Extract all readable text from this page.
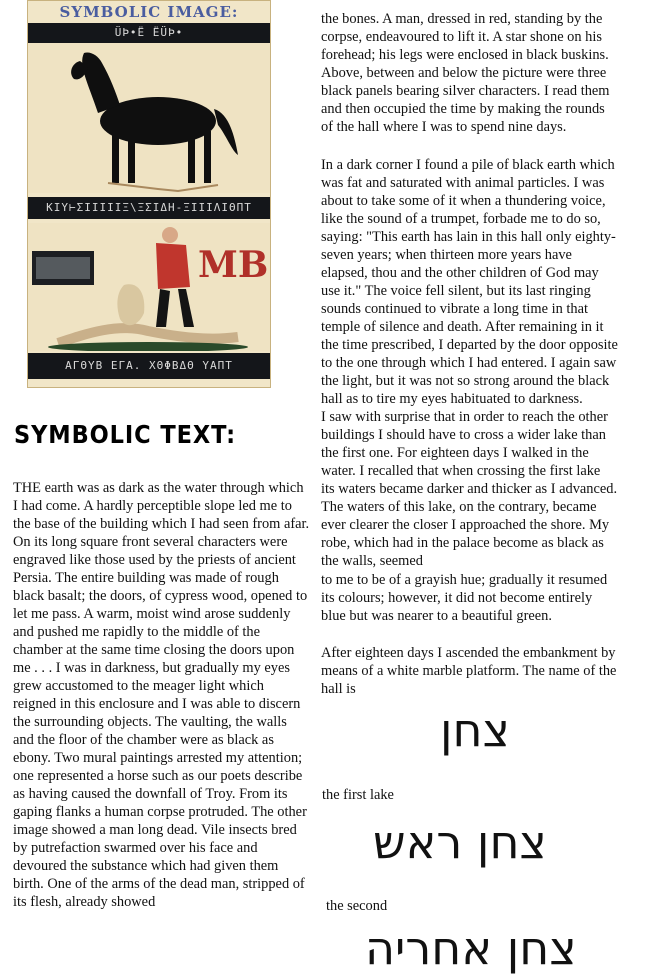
SYMBOLIC IMAGE:
ÜÞ•Ë ËÜÞ•
ΚΙΥ⊢ΣΙΙΙΙΙΞ\ΞΣΙΔΗ-ΞΙΙΙΛΙΘΠΤ
MB
ΑΓΘΥΒ ΕΓΑ. ΧΘΦΒΔΘ ΥΑΠΤ
SYMBOLIC TEXT:

THE earth was as dark as the water through which

I had come. A hardly perceptible slope led me to

the base of the building which I had seen from afar.

On its long square front several characters were

engraved like those used by the priests of ancient

Persia. The entire building was made of rough

black basalt; the doors, of cypress wood, opened to

let me pass. A warm, moist wind arose suddenly

and pushed me rapidly to the middle of the

chamber at the same time closing the doors upon

me . . . I was in darkness, but gradually my eyes

grew accustomed to the meager light which

reigned in this enclosure and I was able to discern

the surrounding objects. The vaulting, the walls

and the floor of the chamber were as black as

ebony. Two mural paintings arrested my attention;

one represented a horse such as our poets describe

as having caused the downfall of Troy. From its

gaping flanks a human corpse protruded. The other

image showed a man long dead. Vile insects bred

by putrefaction swarmed over his face and

devoured the substance which had given them

birth. One of the arms of the dead man, stripped of

its flesh, already showed

the bones. A man, dressed in red, standing by the

corpse, endeavoured to lift it. A star shone on his

forehead; his legs were enclosed in black buskins.

Above, between and below the picture were three

black panels bearing silver characters. I read them

and then occupied the time by making the rounds

of the hall where I was to spend nine days.

In a dark corner I found a pile of black earth which

was fat and saturated with animal particles. I was

about to take some of it when a thundering voice,

like the sound of a trumpet, forbade me to do so,

saying: "This earth has lain in this hall only eighty-

seven years; when thirteen more years have

elapsed, thou and the other children of God may

use it." The voice fell silent, but its last ringing

sounds continued to vibrate a long time in that

temple of silence and death. After remaining in it

the time prescribed, I departed by the door opposite

to the one through which I had entered. I again saw

the light, but it was not so strong around the black

hall as to tire my eyes habituated to darkness.

I saw with surprise that in order to reach the other

buildings I should have to cross a wider lake than

the first one. For eighteen days I walked in the

water. I recalled that when crossing the first lake

its waters became darker and thicker as I advanced.

The waters of this lake, on the contrary, became

ever clearer the closer I approached the shore. My

robe, which had in the palace become as black as

the walls, seemed

to me to be of a grayish hue; gradually it resumed

its colours; however, it did not become entirely

blue but was nearer to a beautiful green.

After eighteen days I ascended the embankment by

means of a white marble platform. The name of the

hall is

צחן
the first lake
צחן ראש
the second
צחן אחריה
